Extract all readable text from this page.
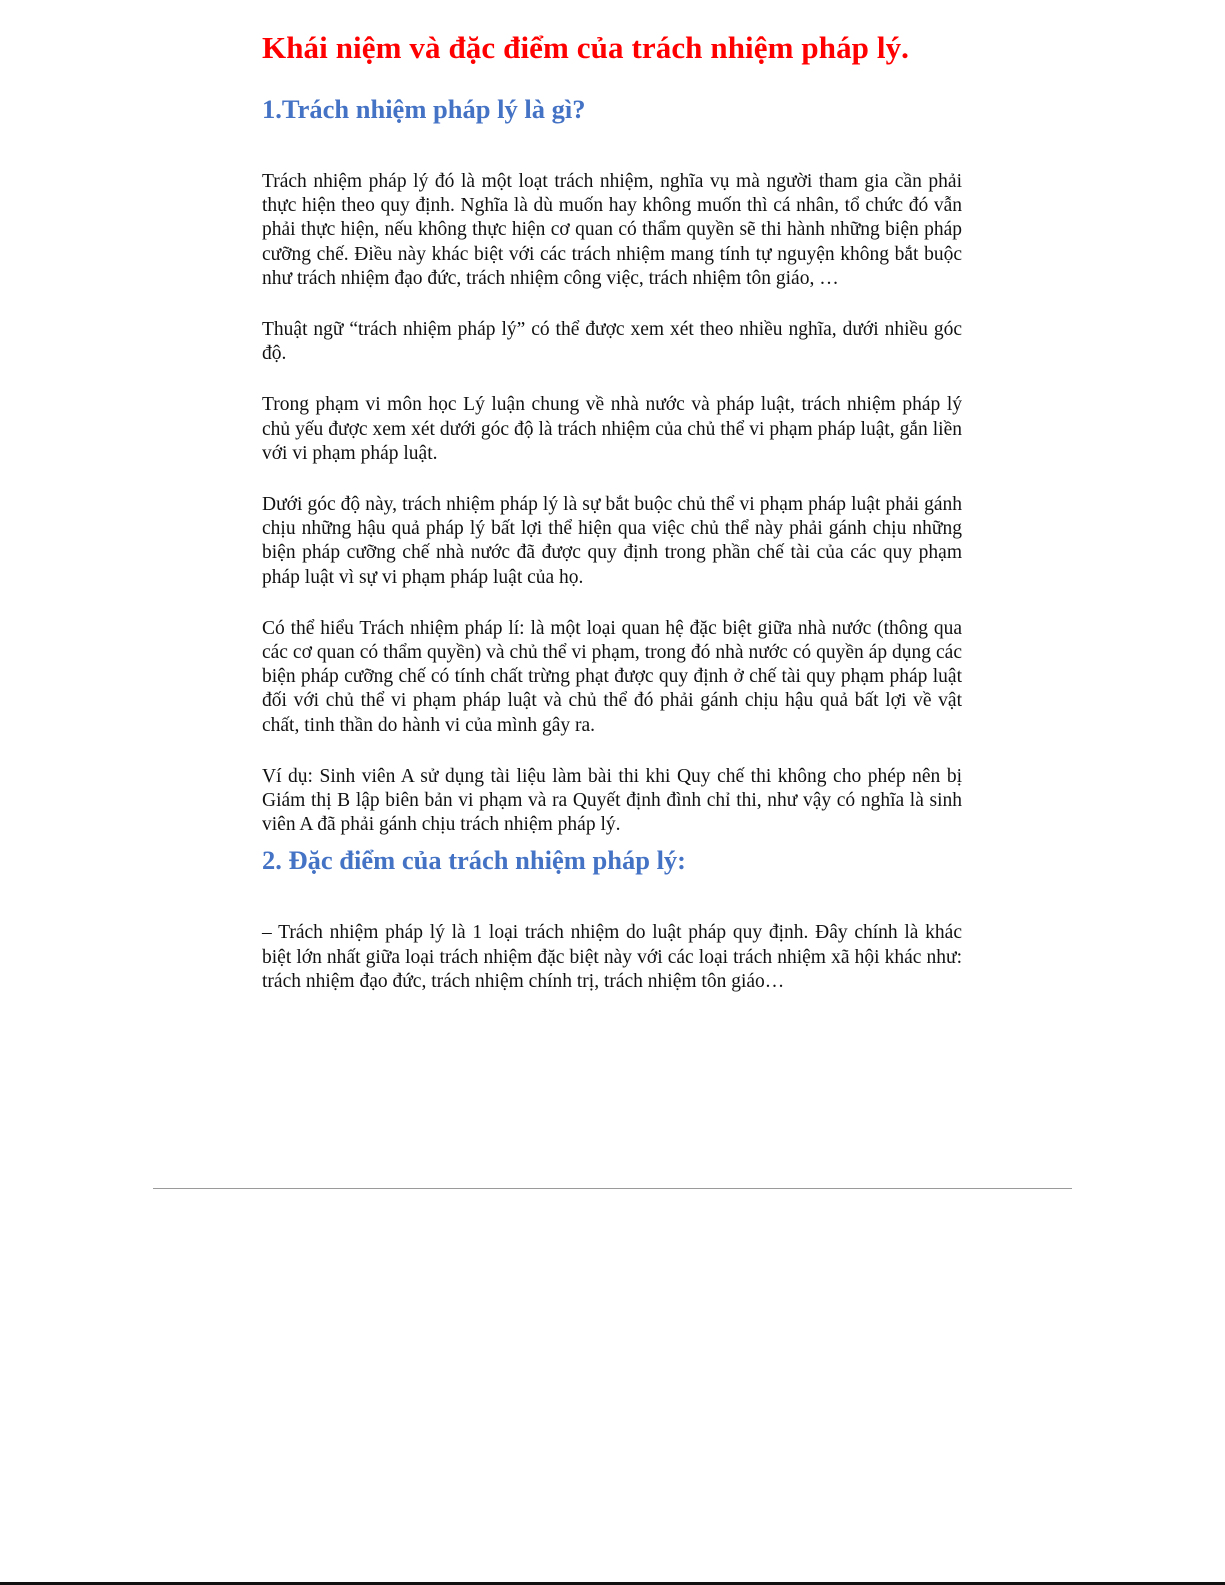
Khái niệm và đặc điểm của trách nhiệm pháp lý.
1.Trách nhiệm pháp lý là gì?

Trách nhiệm pháp lý đó là một loạt trách nhiệm, nghĩa vụ mà người tham gia cần phải thực hiện theo quy định. Nghĩa là dù muốn hay không muốn thì cá nhân, tổ chức đó vẫn phải thực hiện, nếu không thực hiện cơ quan có thẩm quyền sẽ thi hành những biện pháp cưỡng chế. Điều này khác biệt với các trách nhiệm mang tính tự nguyện không bắt buộc như trách nhiệm đạo đức, trách nhiệm công việc, trách nhiệm tôn giáo, …

Thuật ngữ “trách nhiệm pháp lý” có thể được xem xét theo nhiều nghĩa, dưới nhiều góc độ.

Trong phạm vi môn học Lý luận chung về nhà nước và pháp luật, trách nhiệm pháp lý chủ yếu được xem xét dưới góc độ là trách nhiệm của chủ thể vi phạm pháp luật, gắn liền với vi phạm pháp luật.

Dưới góc độ này, trách nhiệm pháp lý là sự bắt buộc chủ thể vi phạm pháp luật phải gánh chịu những hậu quả pháp lý bất lợi thể hiện qua việc chủ thể này phải gánh chịu những biện pháp cưỡng chế nhà nước đã được quy định trong phần chế tài của các quy phạm pháp luật vì sự vi phạm pháp luật của họ.

Có thể hiểu Trách nhiệm pháp lí: là một loại quan hệ đặc biệt giữa nhà nước (thông qua các cơ quan có thẩm quyền) và chủ thể vi phạm, trong đó nhà nước có quyền áp dụng các biện pháp cưỡng chế có tính chất trừng phạt được quy định ở chế tài quy phạm pháp luật đối với chủ thể vi phạm pháp luật và chủ thể đó phải gánh chịu hậu quả bất lợi về vật chất, tinh thần do hành vi của mình gây ra.

Ví dụ: Sinh viên A sử dụng tài liệu làm bài thi khi Quy chế thi không cho phép nên bị Giám thị B lập biên bản vi phạm và ra Quyết định đình chỉ thi, như vậy có nghĩa là sinh viên A đã phải gánh chịu trách nhiệm pháp lý.

2. Đặc điểm của trách nhiệm pháp lý:

– Trách nhiệm pháp lý là 1 loại trách nhiệm do luật pháp quy định. Đây chính là khác biệt lớn nhất giữa loại trách nhiệm đặc biệt này với các loại trách nhiệm xã hội khác như: trách nhiệm đạo đức, trách nhiệm chính trị, trách nhiệm tôn giáo…
